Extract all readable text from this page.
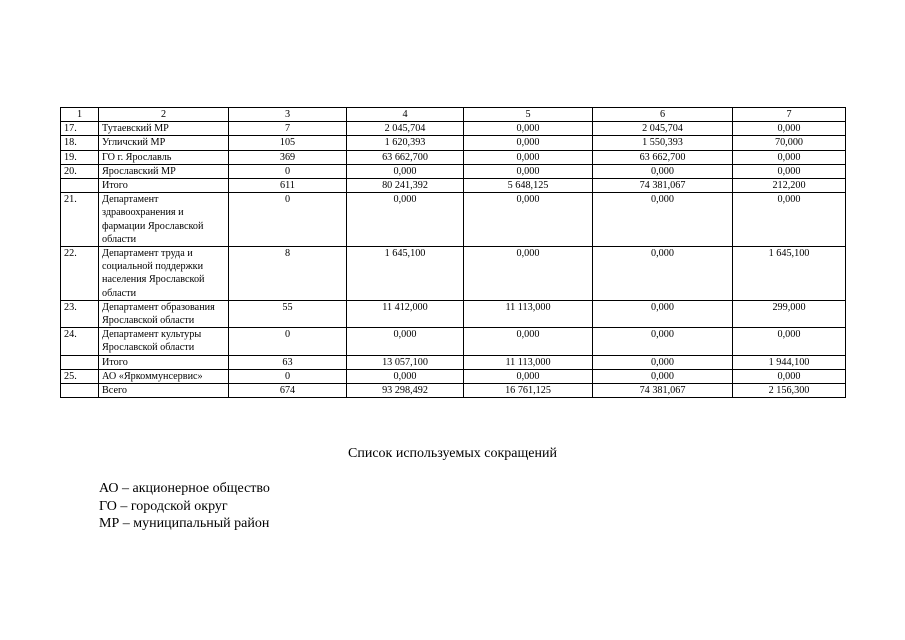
1	2	3	4	5	6	7
17.	Тутаевский МР	7	2 045,704	0,000	2 045,704	0,000
18.	Угличский МР	105	1 620,393	0,000	1 550,393	70,000
19.	ГО г. Ярославль	369	63 662,700	0,000	63 662,700	0,000
20.	Ярославский МР	0	0,000	0,000	0,000	0,000
	Итого	611	80 241,392	5 648,125	74 381,067	212,200
21.	Департамент здравоохранения и фармации Ярославской области	0	0,000	0,000	0,000	0,000
22.	Департамент труда и социальной поддержки населения Ярославской области	8	1 645,100	0,000	0,000	1 645,100
23.	Департамент образования Ярославской области	55	11 412,000	11 113,000	0,000	299,000
24.	Департамент культуры Ярославской области	0	0,000	0,000	0,000	0,000
	Итого	63	13 057,100	11 113,000	0,000	1 944,100
25.	АО «Яркоммунсервис»	0	0,000	0,000	0,000	0,000
	Всего	674	93 298,492	16 761,125	74 381,067	2 156,300
Список используемых сокращений
АО – акционерное общество
ГО – городской округ
МР – муниципальный район
